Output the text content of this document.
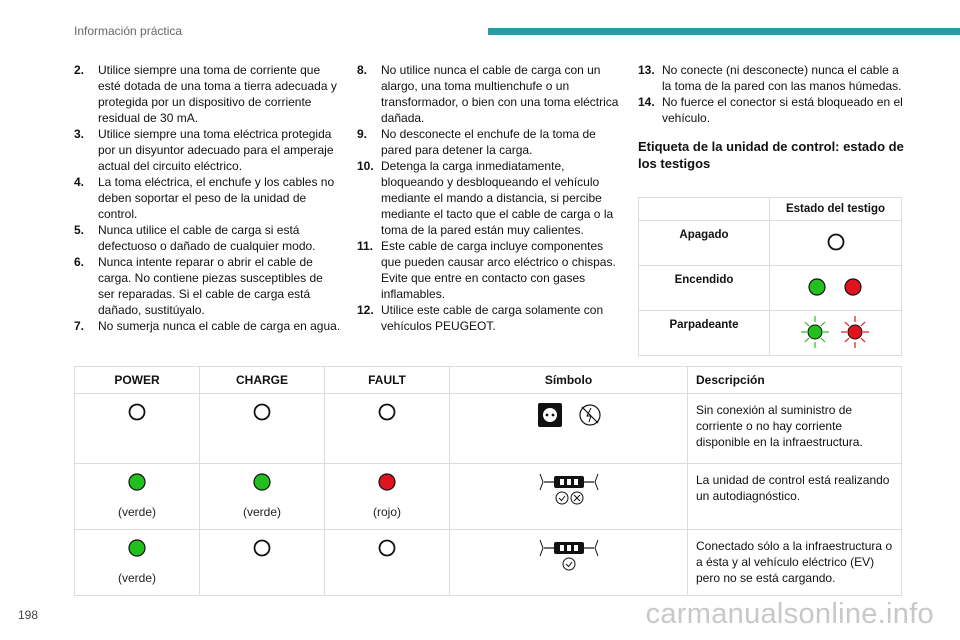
Información práctica
2. Utilice siempre una toma de corriente que esté dotada de una toma a tierra adecuada y protegida por un dispositivo de corriente residual de 30 mA.
3. Utilice siempre una toma eléctrica protegida por un disyuntor adecuado para el amperaje actual del circuito eléctrico.
4. La toma eléctrica, el enchufe y los cables no deben soportar el peso de la unidad de control.
5. Nunca utilice el cable de carga si está defectuoso o dañado de cualquier modo.
6. Nunca intente reparar o abrir el cable de carga. No contiene piezas susceptibles de ser reparadas. Si el cable de carga está dañado, sustitúyalo.
7. No sumerja nunca el cable de carga en agua.
8. No utilice nunca el cable de carga con un alargo, una toma multienchufe o un transformador, o bien con una toma eléctrica dañada.
9. No desconecte el enchufe de la toma de pared para detener la carga.
10. Detenga la carga inmediatamente, bloqueando y desbloqueando el vehículo mediante el mando a distancia, si percibe mediante el tacto que el cable de carga o la toma de la pared están muy calientes.
11. Este cable de carga incluye componentes que pueden causar arco eléctrico o chispas. Evite que entre en contacto con gases inflamables.
12. Utilice este cable de carga solamente con vehículos PEUGEOT.
13. No conecte (ni desconecte) nunca el cable a la toma de la pared con las manos húmedas.
14. No fuerce el conector si está bloqueado en el vehículo.
Etiqueta de la unidad de control: estado de los testigos
	Estado del testigo
Apagado	
Encendido	
Parpadeante	
POWER	CHARGE	FAULT	Símbolo	Descripción
				Sin conexión al suministro de corriente o no hay corriente disponible en la infraestructura.

(verde)	(verde)	(rojo)		La unidad de control está realizando un autodiagnóstico.

(verde)				Conectado sólo a la infraestructura o a ésta y al vehículo eléctrico (EV) pero no se está cargando.
198	carmanualsonline.info
